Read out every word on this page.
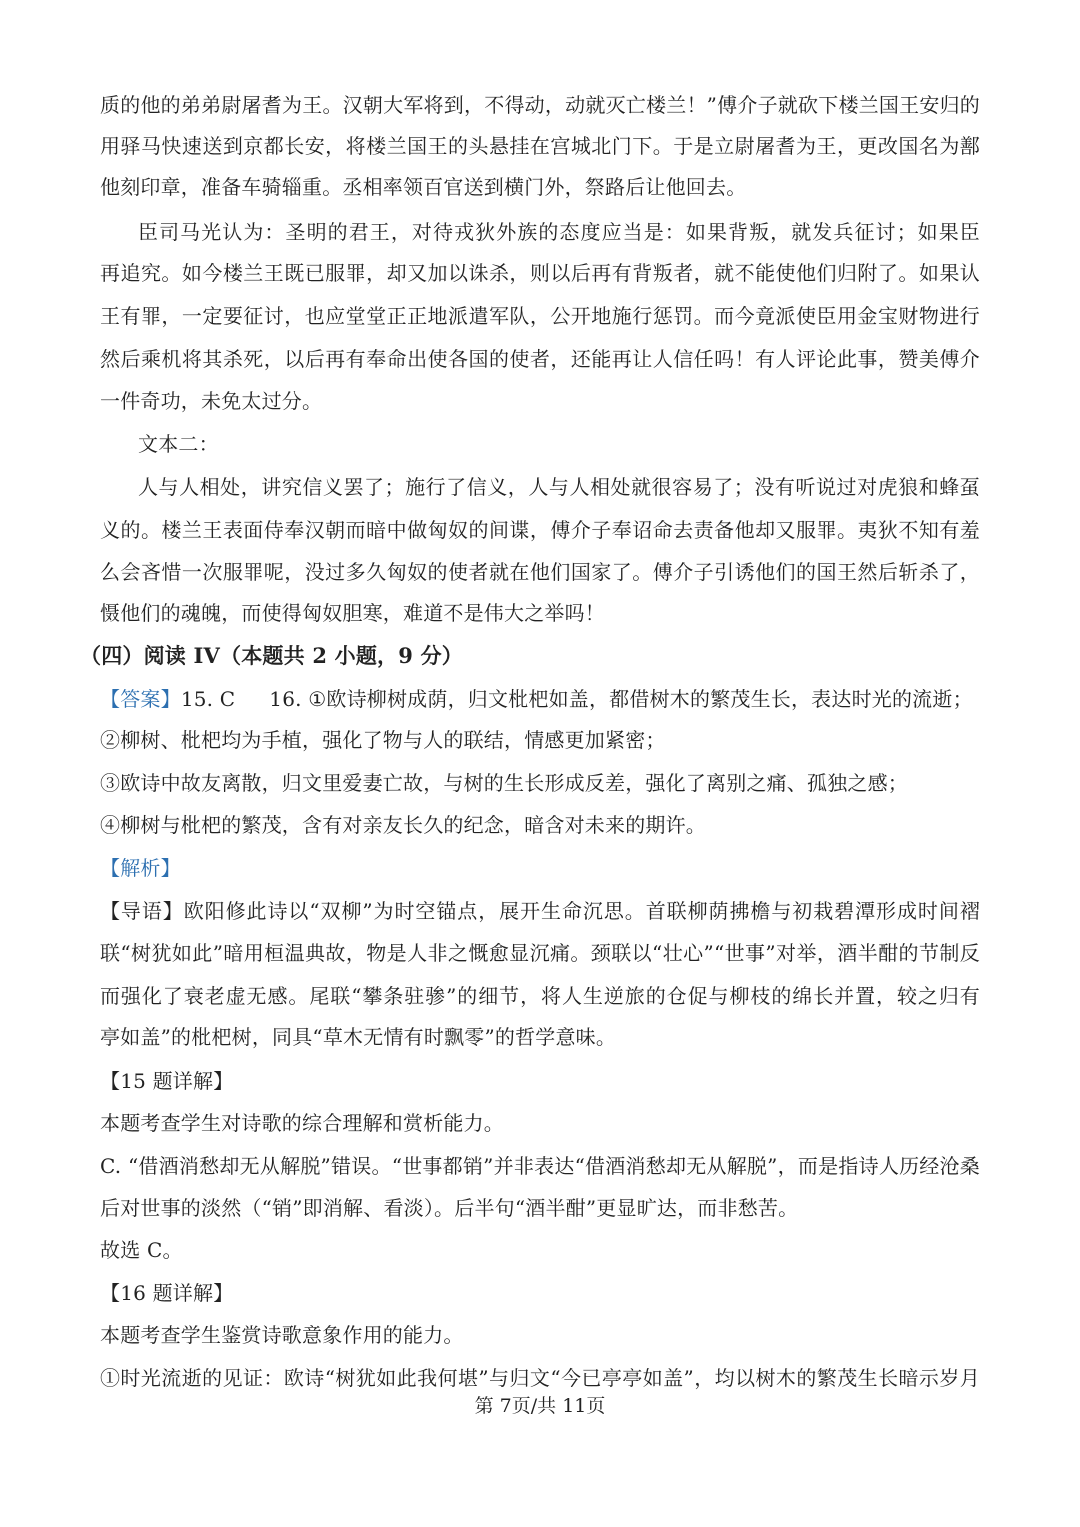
质的他的弟弟尉屠耆为王。汉朝大军将到，不得动，动就灭亡楼兰！”傅介子就砍下楼兰国王安归的
用驿马快速送到京都长安，将楼兰国王的头悬挂在宫城北门下。于是立尉屠耆为王，更改国名为鄯
他刻印章，准备车骑辎重。丞相率领百官送到横门外，祭路后让他回去。
臣司马光认为：圣明的君王，对待戎狄外族的态度应当是：如果背叛，就发兵征讨；如果臣
再追究。如今楼兰王既已服罪，却又加以诛杀，则以后再有背叛者，就不能使他们归附了。如果认
王有罪，一定要征讨，也应堂堂正正地派遣军队，公开地施行惩罚。而今竟派使臣用金宝财物进行
然后乘机将其杀死，以后再有奉命出使各国的使者，还能再让人信任吗！有人评论此事，赞美傅介
一件奇功，未免太过分。
文本二：
人与人相处，讲究信义罢了；施行了信义，人与人相处就很容易了；没有听说过对虎狼和蜂虿
义的。楼兰王表面侍奉汉朝而暗中做匈奴的间谍，傅介子奉诏命去责备他却又服罪。夷狄不知有羞
么会吝惜一次服罪呢，没过多久匈奴的使者就在他们国家了。傅介子引诱他们的国王然后斩杀了，
慑他们的魂魄，而使得匈奴胆寒，难道不是伟大之举吗！
（四）阅读 IV（本题共 2 小题，9 分）
【答案】15. C 16. ①欧诗柳树成荫，归文枇杷如盖，都借树木的繁茂生长，表达时光的流逝；
②柳树、枇杷均为手植，强化了物与人的联结，情感更加紧密；
③欧诗中故友离散，归文里爱妻亡故，与树的生长形成反差，强化了离别之痛、孤独之感；
④柳树与枇杷的繁茂，含有对亲友长久的纪念，暗含对未来的期许。
【解析】
【导语】欧阳修此诗以“双柳”为时空锚点，展开生命沉思。首联柳荫拂檐与初栽碧潭形成时间褶
联“树犹如此”暗用桓温典故，物是人非之慨愈显沉痛。颈联以“壮心”“世事”对举，酒半酣的节制反
而强化了衰老虚无感。尾联“攀条驻骖”的细节，将人生逆旅的仓促与柳枝的绵长并置，较之归有
亭如盖”的枇杷树，同具“草木无情有时飘零”的哲学意味。
【15 题详解】
本题考查学生对诗歌的综合理解和赏析能力。
C. “借酒消愁却无从解脱”错误。“世事都销”并非表达“借酒消愁却无从解脱”，而是指诗人历经沧桑
后对世事的淡然（“销”即消解、看淡）。后半句“酒半酣”更显旷达，而非愁苦。
故选 C。
【16 题详解】
本题考查学生鉴赏诗歌意象作用的能力。
①时光流逝的见证：欧诗“树犹如此我何堪”与归文“今已亭亭如盖”，均以树木的繁茂生长暗示岁月
第 7页/共 11页
